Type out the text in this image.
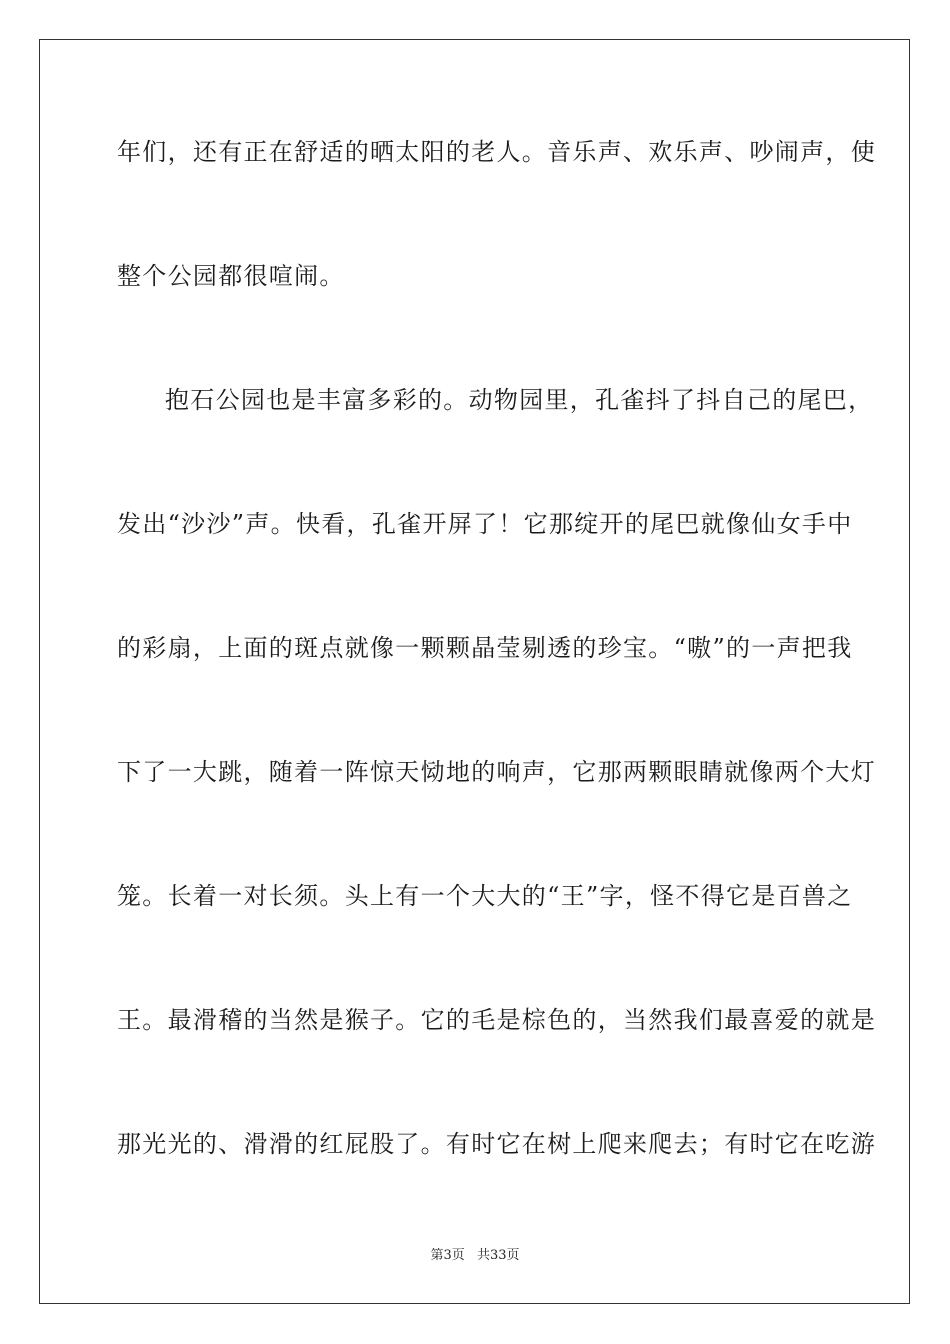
年们，还有正在舒适的晒太阳的老人。音乐声、欢乐声、吵闹声，使
整个公园都很喧闹。
抱石公园也是丰富多彩的。动物园里，孔雀抖了抖自己的尾巴，
发出“沙沙”声。快看，孔雀开屏了！它那绽开的尾巴就像仙女手中
的彩扇，上面的斑点就像一颗颗晶莹剔透的珍宝。“嗷”的一声把我
下了一大跳，随着一阵惊天恸地的响声，它那两颗眼睛就像两个大灯
笼。长着一对长须。头上有一个大大的“王”字，怪不得它是百兽之
王。最滑稽的当然是猴子。它的毛是棕色的，当然我们最喜爱的就是
那光光的、滑滑的红屁股了。有时它在树上爬来爬去；有时它在吃游
第3页 共33页
